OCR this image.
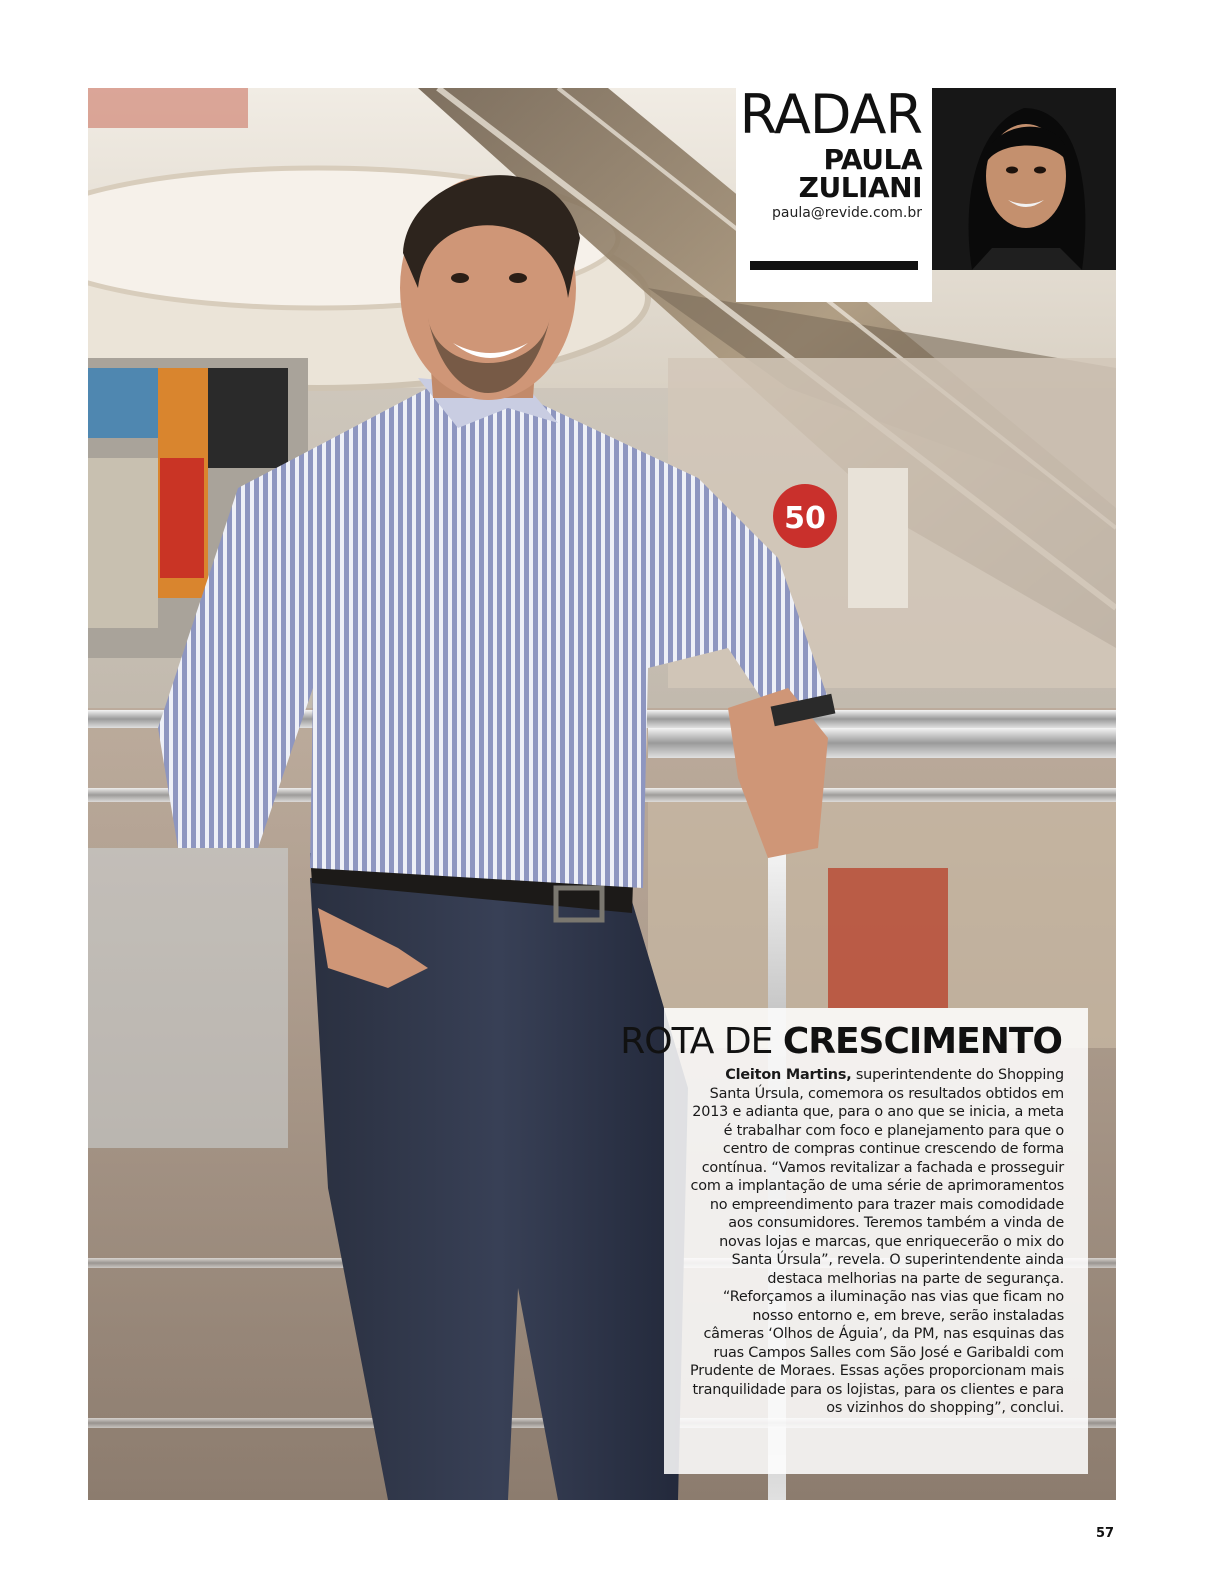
50
RADAR
PAULA
ZULIANI
paula@revide.com.br
ROTA DE CRESCIMENTO
Cleiton Martins, superintendente do Shopping Santa Úrsula, comemora os resultados obtidos em 2013 e adianta que, para o ano que se inicia, a meta é trabalhar com foco e planejamento para que o centro de compras continue crescendo de forma contínua. “Vamos revitalizar a fachada e prosseguir com a implantação de uma série de aprimoramentos no empreendimento para trazer mais comodidade aos consumidores. Teremos também a vinda de novas lojas e marcas, que enriquecerão o mix do Santa Úrsula”, revela. O superintendente ainda destaca melhorias na parte de segurança. “Reforçamos a iluminação nas vias que ficam no nosso entorno e, em breve, serão instaladas câmeras ‘Olhos de Águia’, da PM, nas esquinas das ruas Campos Salles com São José e Garibaldi com Prudente de Moraes. Essas ações proporcionam mais tranquilidade para os lojistas, para os clientes e para os vizinhos do shopping”, conclui.
57
